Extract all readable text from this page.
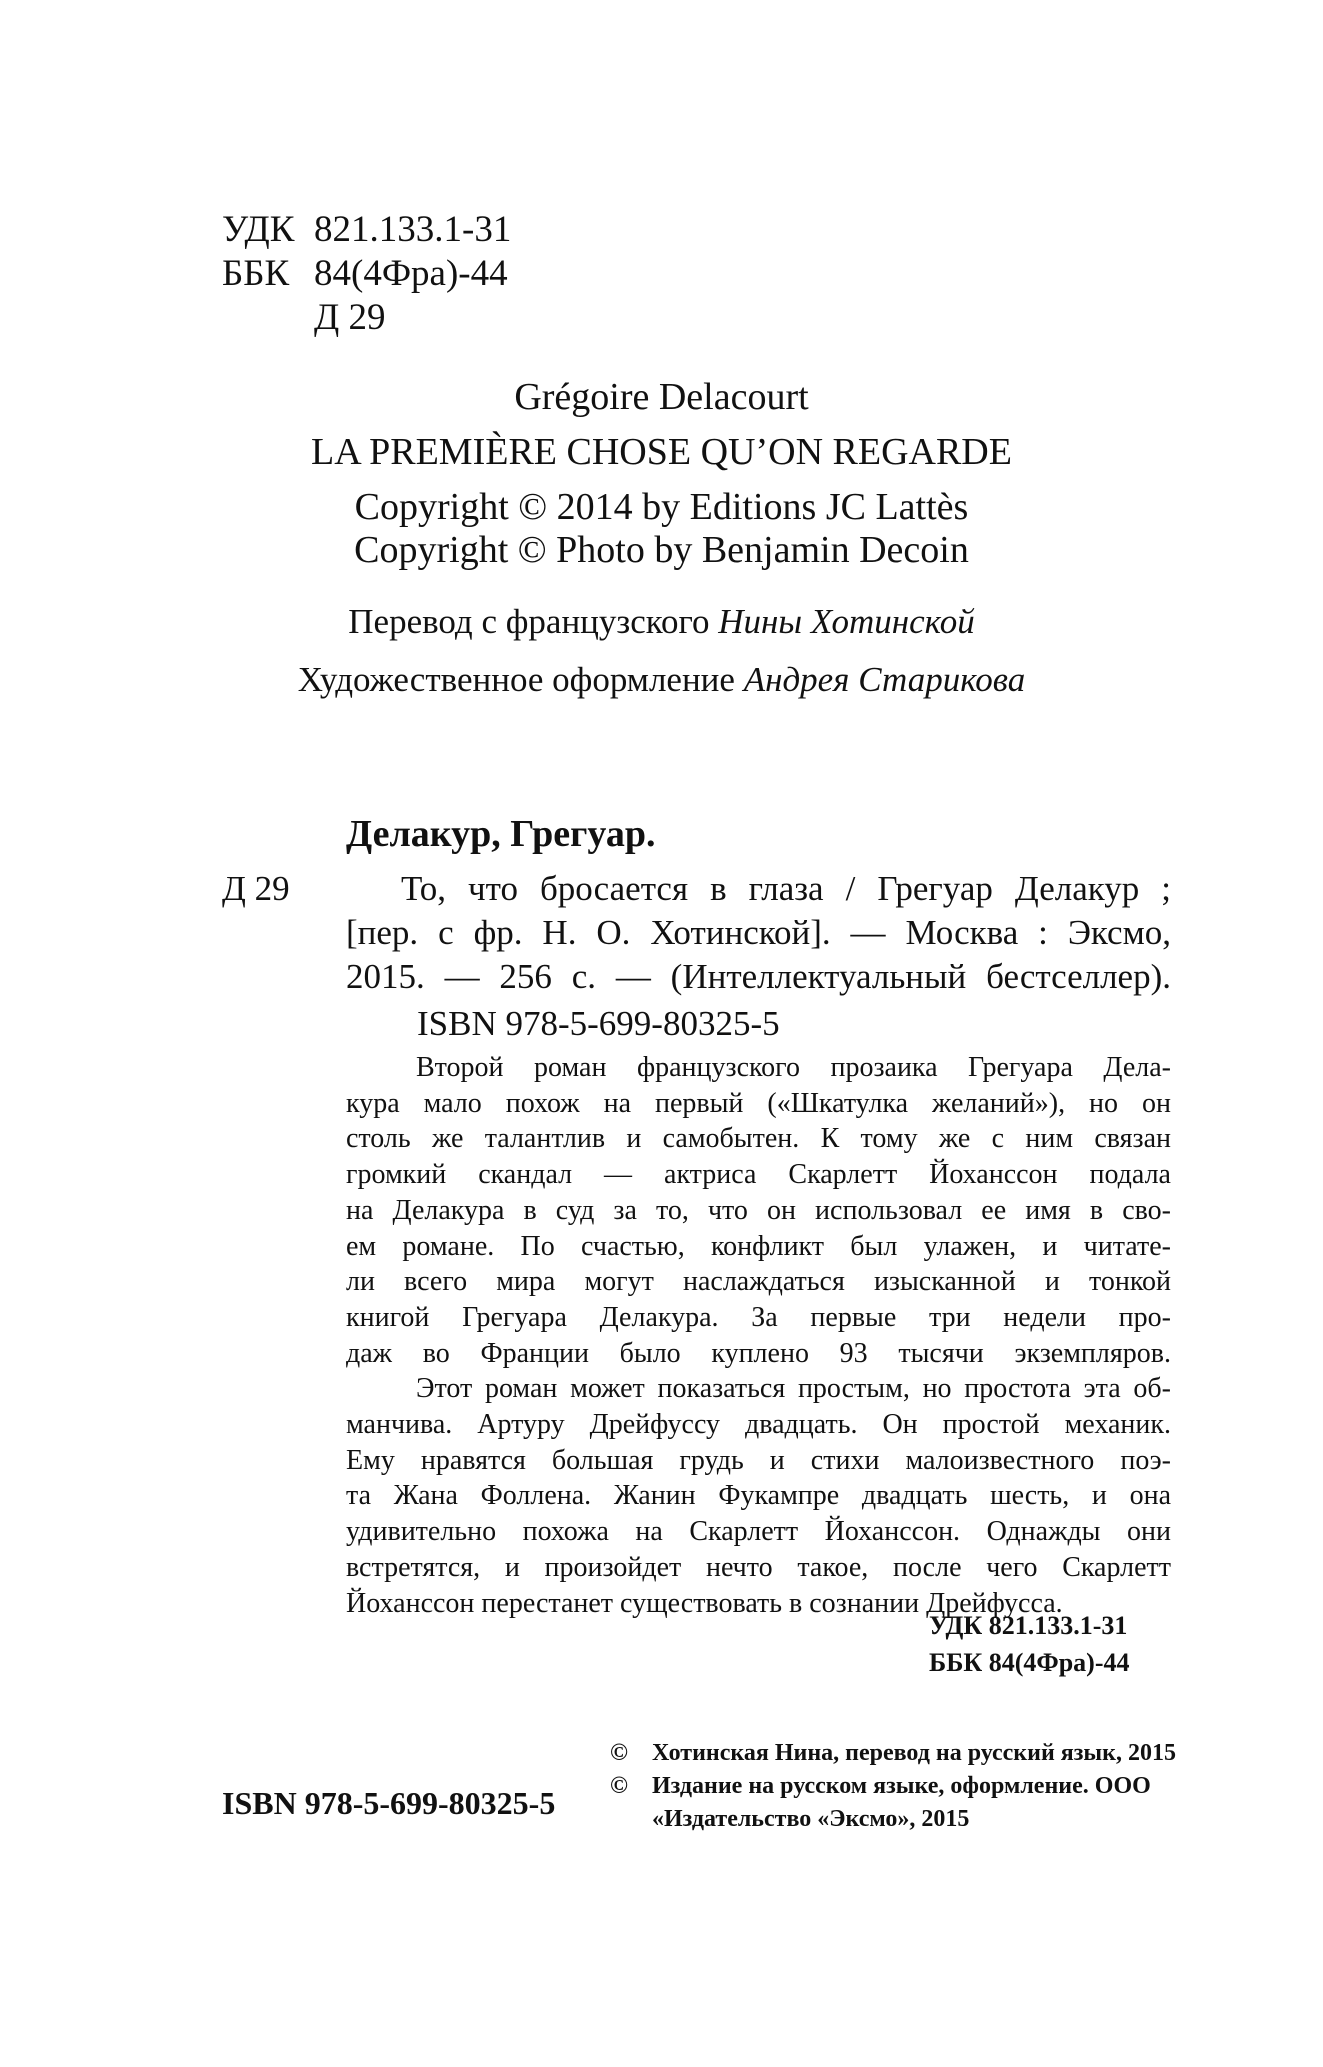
УДК 821.133.1-31
ББК 84(4Фра)-44
Д 29
Grégoire Delacourt
LA PREMIÈRE CHOSE QU’ON REGARDE
Copyright © 2014 by Editions JC Lattès
Copyright © Photo by Benjamin Decoin
Перевод с французского Нины Хотинской
Художественное оформление Андрея Старикова
Делакур, Грегуар.
Д 29	То, что бросается в глаза / Грегуар Делакур ;
[пер. с фр. Н. О. Хотинской]. — Москва : Эксмо,
2015. — 256 с. — (Интеллектуальный бестселлер).
ISBN 978-5-699-80325-5
Второй роман французского прозаика Грегуара Дела-
кура мало похож на первый («Шкатулка желаний»), но он
столь же талантлив и самобытен. К тому же с ним связан
громкий скандал — актриса Скарлетт Йохансcон подала
на Делакура в суд за то, что он использовал ее имя в сво-
ем романе. По счастью, конфликт был улажен, и читате-
ли всего мира могут наслаждаться изысканной и тонкой
книгой Грегуара Делакура. За первые три недели про-
даж во Франции было куплено 93 тысячи экземпляров.
Этот роман может показаться простым, но простота эта об-
манчива. Артуру Дрейфуссу двадцать. Он простой механик.
Ему нравятся большая грудь и стихи малоизвестного поэ-
та Жана Фоллена. Жанин Фукампре двадцать шесть, и она
удивительно похожа на Скарлетт Йохансcон. Однажды они
встретятся, и произойдет нечто такое, после чего Скарлетт
Йохансcон перестанет существовать в сознании Дрейфусса.
УДК 821.133.1-31
ББК 84(4Фра)-44
ISBN 978-5-699-80325-5
© Хотинская Нина, перевод на русский язык, 2015
© Издание на русском языке, оформление. ООО
«Издательство «Эксмо», 2015
